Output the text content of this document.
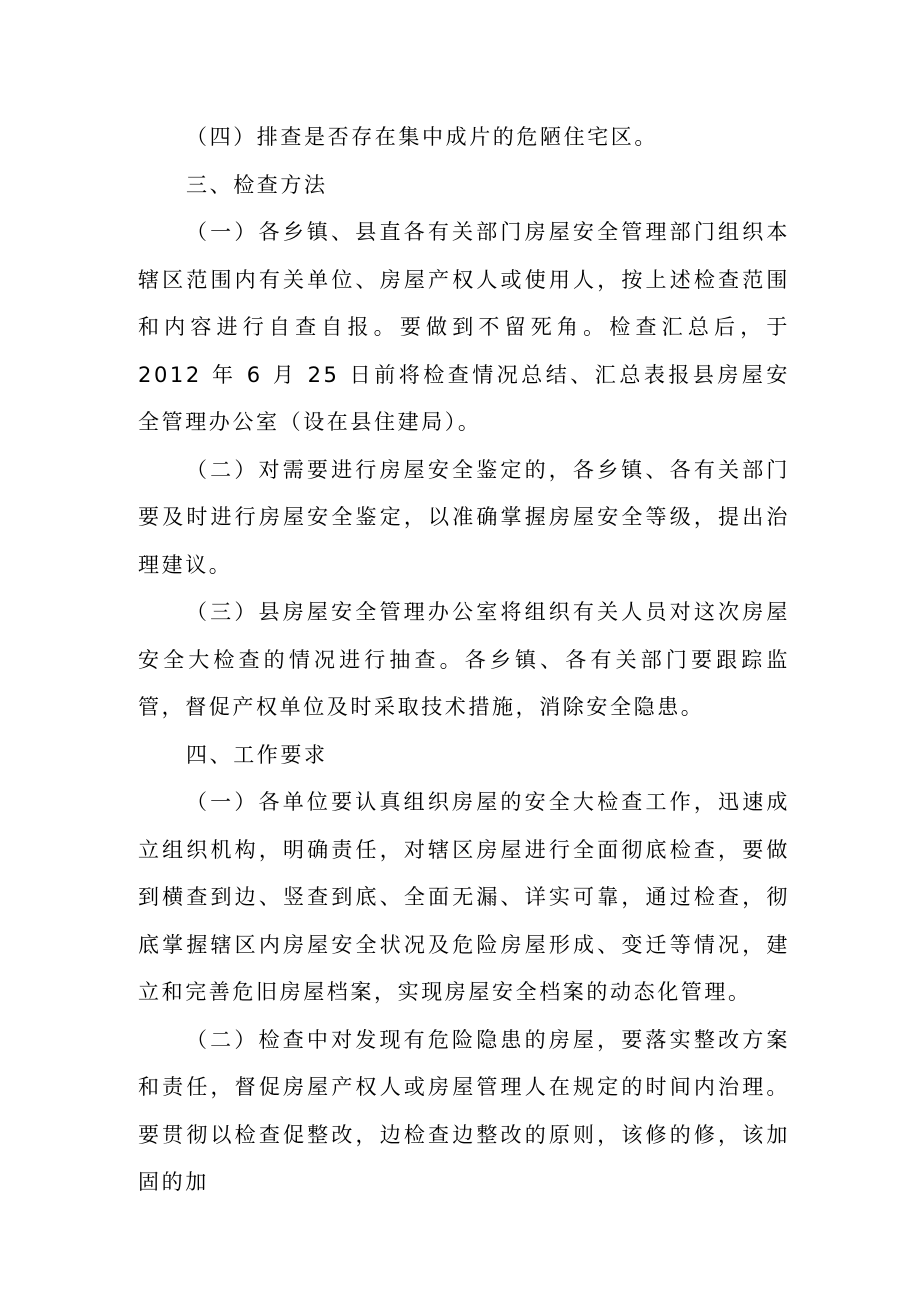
（四）排查是否存在集中成片的危陋住宅区。

三、检查方法

（一）各乡镇、县直各有关部门房屋安全管理部门组织本辖区范围内有关单位、房屋产权人或使用人，按上述检查范围和内容进行自查自报。要做到不留死角。检查汇总后，于 2012 年 6 月 25 日前将检查情况总结、汇总表报县房屋安全管理办公室（设在县住建局）。

（二）对需要进行房屋安全鉴定的，各乡镇、各有关部门要及时进行房屋安全鉴定，以准确掌握房屋安全等级，提出治理建议。

（三）县房屋安全管理办公室将组织有关人员对这次房屋安全大检查的情况进行抽查。各乡镇、各有关部门要跟踪监管，督促产权单位及时采取技术措施，消除安全隐患。

四、工作要求

（一）各单位要认真组织房屋的安全大检查工作，迅速成立组织机构，明确责任，对辖区房屋进行全面彻底检查，要做到横查到边、竖查到底、全面无漏、详实可靠，通过检查，彻底掌握辖区内房屋安全状况及危险房屋形成、变迁等情况，建立和完善危旧房屋档案，实现房屋安全档案的动态化管理。

（二）检查中对发现有危险隐患的房屋，要落实整改方案和责任，督促房屋产权人或房屋管理人在规定的时间内治理。要贯彻以检查促整改，边检查边整改的原则，该修的修，该加固的加
